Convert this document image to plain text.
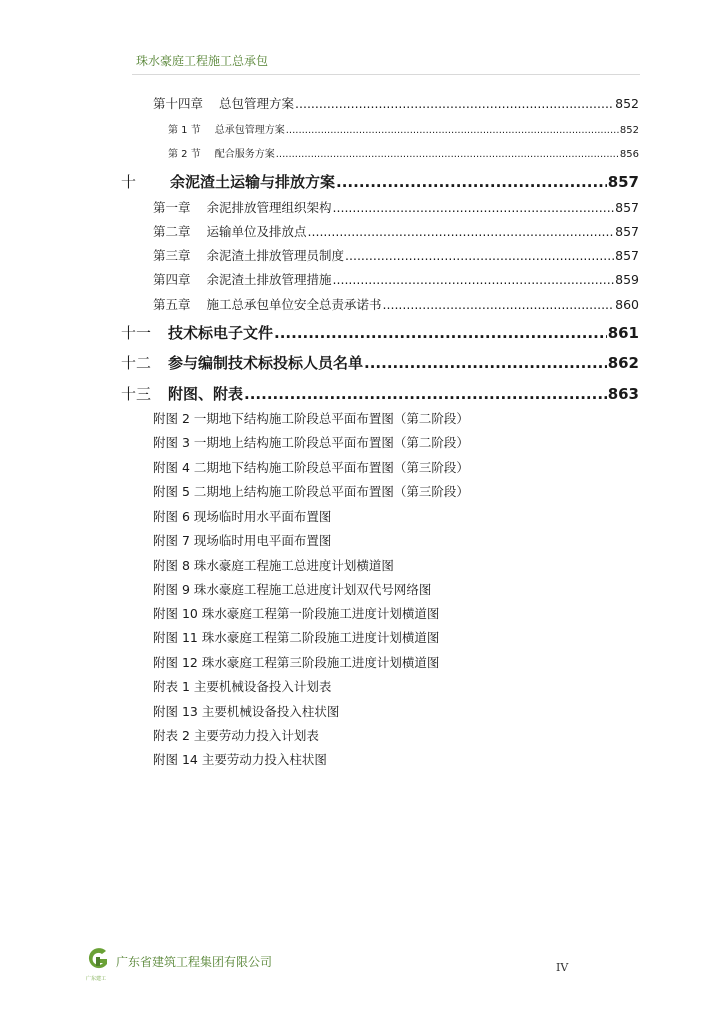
珠水豪庭工程施工总承包
第十四章 总包管理方案 .....	852
第 1 节 总承包管理方案 .....	852
第 2 节 配合服务方案 .....	856
十 余泥渣土运输与排放方案 .....	857
第一章 余泥排放管理组织架构 .....	857
第二章 运输单位及排放点 .....	857
第三章 余泥渣土排放管理员制度 .....	857
第四章 余泥渣土排放管理措施 .....	859
第五章 施工总承包单位安全总责承诺书 .....	860
十一 技术标电子文件 .....	861
十二 参与编制技术标投标人员名单 .....	862
十三 附图、附表 .....	863
附图 2 一期地下结构施工阶段总平面布置图（第二阶段）
附图 3 一期地上结构施工阶段总平面布置图（第二阶段）
附图 4 二期地下结构施工阶段总平面布置图（第三阶段）
附图 5 二期地上结构施工阶段总平面布置图（第三阶段）
附图 6 现场临时用水平面布置图
附图 7 现场临时用电平面布置图
附图 8 珠水豪庭工程施工总进度计划横道图
附图 9 珠水豪庭工程施工总进度计划双代号网络图
附图 10 珠水豪庭工程第一阶段施工进度计划横道图
附图 11 珠水豪庭工程第二阶段施工进度计划横道图
附图 12 珠水豪庭工程第三阶段施工进度计划横道图
附表 1 主要机械设备投入计划表
附图 13 主要机械设备投入柱状图
附表 2 主要劳动力投入计划表
附图 14 主要劳动力投入柱状图
广东建工
广东省建筑工程集团有限公司	IV
